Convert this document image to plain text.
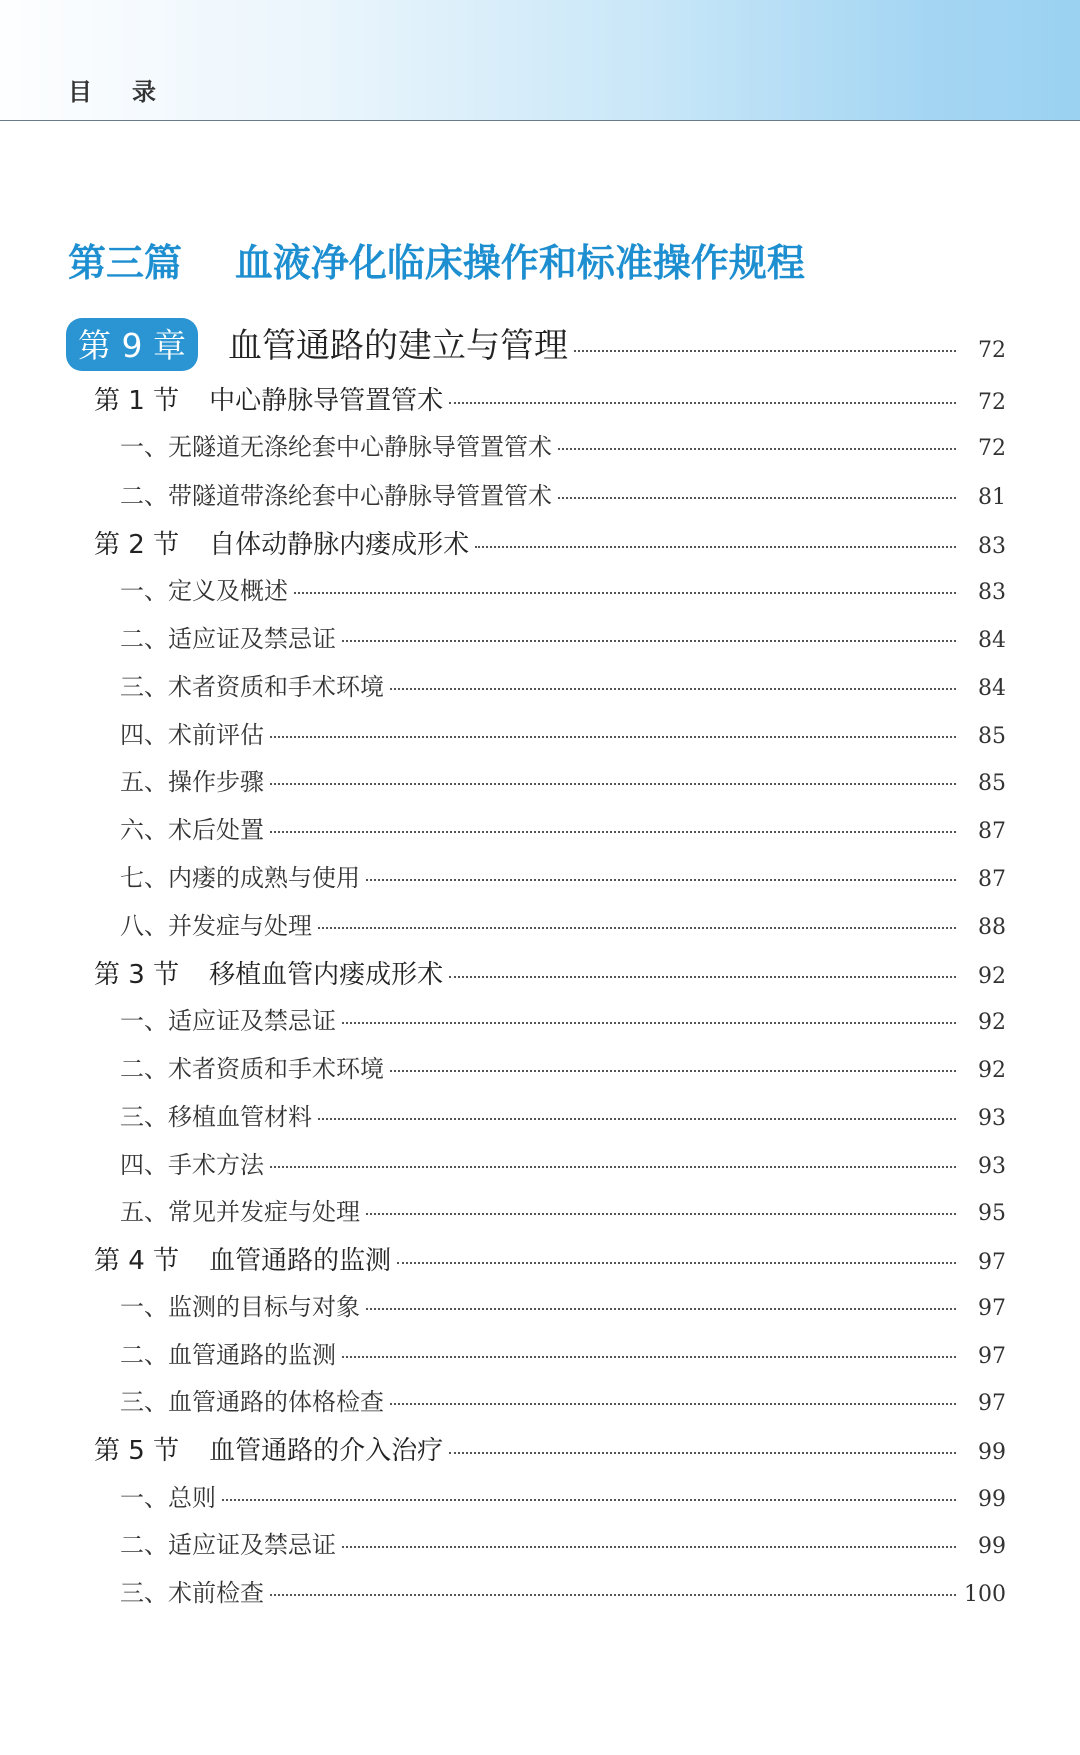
目录
第三篇    血液净化临床操作和标准操作规程
第 9 章	血管通路的建立与管理	72
第 1 节 中心静脉导管置管术	72
一、无隧道无涤纶套中心静脉导管置管术	72
二、带隧道带涤纶套中心静脉导管置管术	81
第 2 节 自体动静脉内瘘成形术	83
一、定义及概述	83
二、适应证及禁忌证	84
三、术者资质和手术环境	84
四、术前评估	85
五、操作步骤	85
六、术后处置	87
七、内瘘的成熟与使用	87
八、并发症与处理	88
第 3 节 移植血管内瘘成形术	92
一、适应证及禁忌证	92
二、术者资质和手术环境	92
三、移植血管材料	93
四、手术方法	93
五、常见并发症与处理	95
第 4 节 血管通路的监测	97
一、监测的目标与对象	97
二、血管通路的监测	97
三、血管通路的体格检查	97
第 5 节 血管通路的介入治疗	99
一、总则	99
二、适应证及禁忌证	99
三、术前检查	100
